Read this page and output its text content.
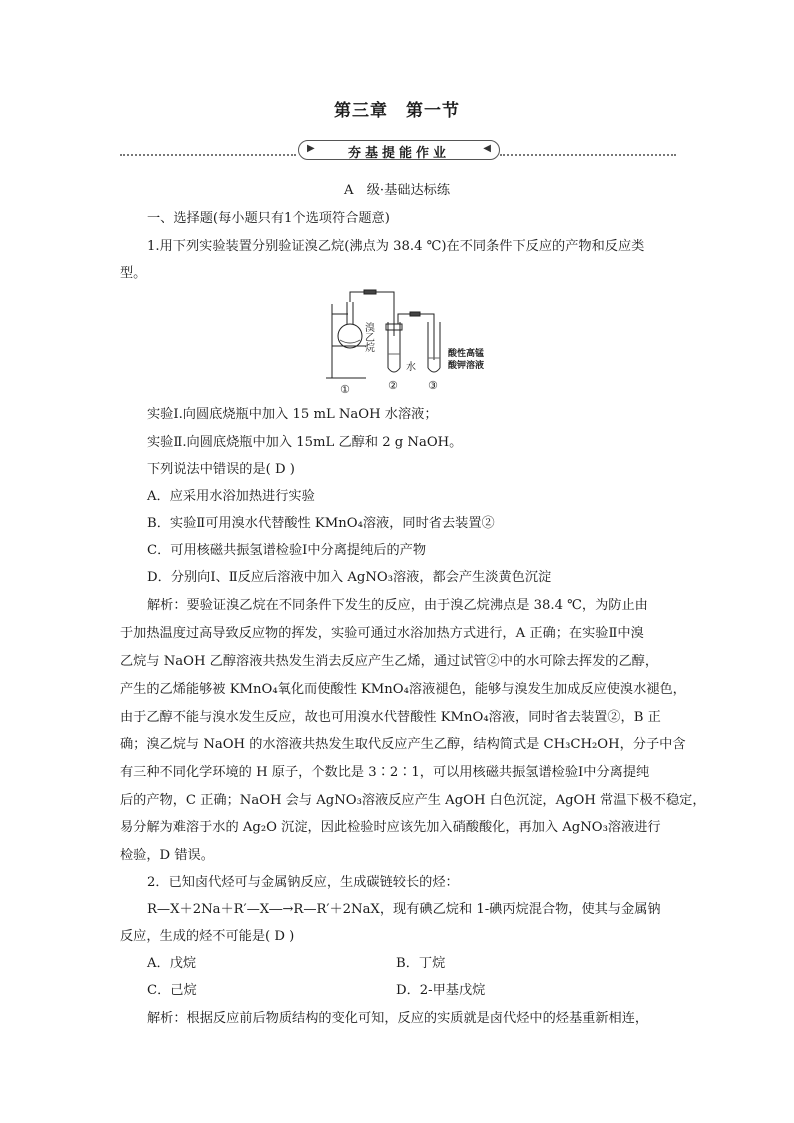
第三章　第一节
▶	夯基提能作业	◀
A　级·基础达标练
一、选择题(每小题只有1个选项符合题意)
1.用下列实验装置分别验证溴乙烷(沸点为 38.4 ℃)在不同条件下反应的产物和反应类
型。
溴乙烷
水
酸性高锰
酸钾溶液
①	②	③
实验Ⅰ.向圆底烧瓶中加入 15 mL NaOH 水溶液；
实验Ⅱ.向圆底烧瓶中加入 15mL 乙醇和 2 g NaOH。
下列说法中错误的是( D )
A．应采用水浴加热进行实验
B．实验Ⅱ可用溴水代替酸性 KMnO₄溶液，同时省去装置②
C．可用核磁共振氢谱检验Ⅰ中分离提纯后的产物
D．分别向Ⅰ、Ⅱ反应后溶液中加入 AgNO₃溶液，都会产生淡黄色沉淀
解析：要验证溴乙烷在不同条件下发生的反应，由于溴乙烷沸点是 38.4 ℃，为防止由
于加热温度过高导致反应物的挥发，实验可通过水浴加热方式进行，A 正确；在实验Ⅱ中溴
乙烷与 NaOH 乙醇溶液共热发生消去反应产生乙烯，通过试管②中的水可除去挥发的乙醇，
产生的乙烯能够被 KMnO₄氧化而使酸性 KMnO₄溶液褪色，能够与溴发生加成反应使溴水褪色，
由于乙醇不能与溴水发生反应，故也可用溴水代替酸性 KMnO₄溶液，同时省去装置②，B 正
确；溴乙烷与 NaOH 的水溶液共热发生取代反应产生乙醇，结构简式是 CH₃CH₂OH，分子中含
有三种不同化学环境的 H 原子，个数比是 3∶2∶1，可以用核磁共振氢谱检验Ⅰ中分离提纯
后的产物，C 正确；NaOH 会与 AgNO₃溶液反应产生 AgOH 白色沉淀，AgOH 常温下极不稳定，
易分解为难溶于水的 Ag₂O 沉淀，因此检验时应该先加入硝酸酸化，再加入 AgNO₃溶液进行
检验，D 错误。
2．已知卤代烃可与金属钠反应，生成碳链较长的烃：
R—X＋2Na＋R′—X―→R—R′＋2NaX，现有碘乙烷和 1-碘丙烷混合物，使其与金属钠
反应，生成的烃不可能是( D )
A．戊烷	B．丁烷
C．己烷	D．2-甲基戊烷
解析：根据反应前后物质结构的变化可知，反应的实质就是卤代烃中的烃基重新相连，
